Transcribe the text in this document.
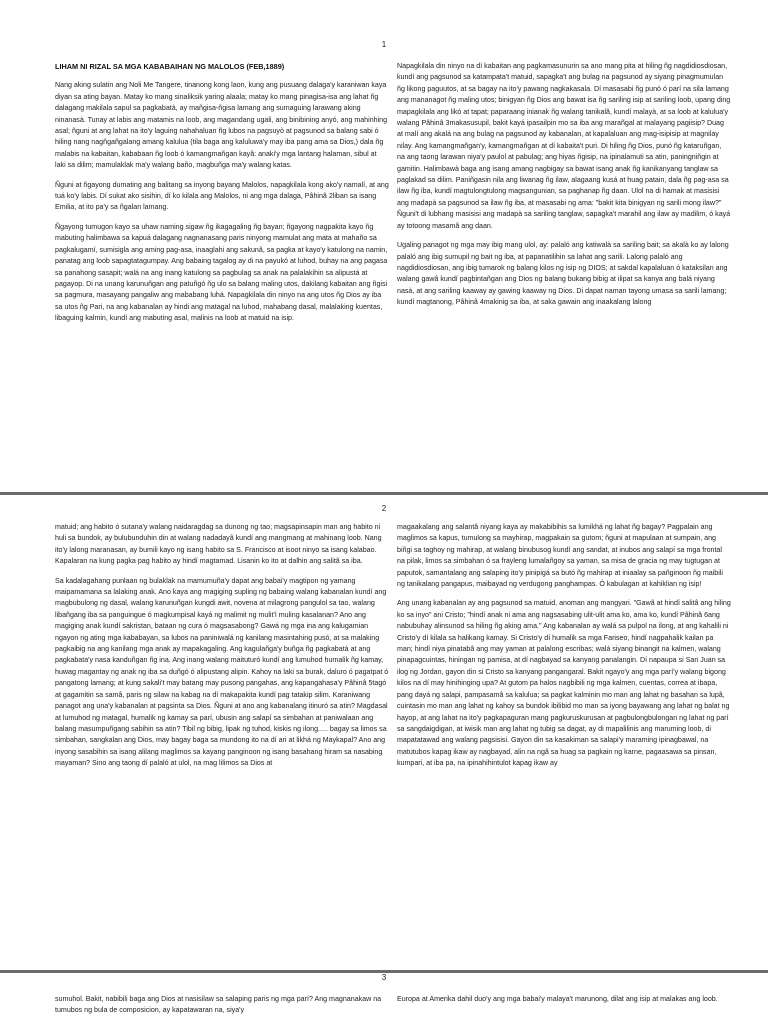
1

LIHAM NI RIZAL SA MGA KABABAIHAN NG MALOLOS (FEB,1889)

Nang aking sulatin ang Noli Me Tangere, tinanong kong laon, kung ang pusuang dalaga'y karaniwan kaya diyan sa ating bayan. Matay ko mang sinaliksik yaring alaala; matay ko mang pinagisa-isa ang lahat ñg dalagang makilala sapul sa pagkabatà, ay mañgisa-ñgisa lamang ang sumaguing larawang aking ninanasà. Tunay at labis ang matamis na loob, ang magandang ugali, ang binibining anyó, ang mahinhing asal; ñguni at ang lahat na ito'y laguing nahahaluan ñg lubos na pagsuyò at pagsunod sa balang sabi ó hiling nang nagñgañgalang amang kalulua (tila baga ang kaluluwa'y may iba pang ama sa Dios,) dala ñg malabis na kabaitan, kababaan ñg loob ó kamangmañgan kayâ: anaki'y mga lantang halaman, sibul at laki sa dilim; mamulaklak ma'y walang baño, magbuñga ma'y walang katas.

Ñguni at ñgayong dumating ang balitang sa inyong bayang Malolos, napagkilala kong ako'y namalí, at ang tuá ko'y labis. Dí sukat ako sisihin, dí ko kilala ang Malolos, ni ang mga dalaga, Pâhinâ 2liban sa isang Emilia, at ito pa'y sa ñgalan lamang.

Ñgayong tumugon kayo sa uhaw naming sigaw ñg ikagagaling ñg bayan; ñgayong nagpakita kayo ñg mabuting halimbawa sa kapuá dalagang nagnanasang paris ninyong mamulat ang mata at mahaño sa pagkalugamí, sumisigla ang aming pag-asa, inaaglahi ang sakunâ, sa pagka at kayo'y katulong na namin, panatag ang loob sapagtatagumpay. Ang babaing tagalog ay di na payukó at luhod, buhay na ang pagasa sa panahong sasapit; walá na ang inang katulong sa pagbulag sa anak na palalakihin sa alipustá at pagayop. Di na unang karunuñgan ang patuñgó ñg ulo sa balang maling utos, dakilang kabaitan ang ñgisi sa pagmura, masayang pangaliw ang mababang luhá. Napagkilala din ninyo na ang utos ñg Dios ay iba sa utos ñg Pari, na ang kabanalan ay hindi ang matagal na luhod, mahabang dasal, malalaking kuentas, libaguing kalmin, kundí ang mabuting asal, malinis na loob at matuid na isip.

Napagkilala din ninyo na dí kabaitan ang pagkamasunurin sa ano mang pita at hiling ñg nagdidiosdiosan, kundí ang pagsunod sa katampata't matuid, sapagka't ang bulag na pagsunod ay siyang pinagmumulan ñg likong paguutos, at sa bagay na ito'y pawang nagkakasala. Dí masasabi ñg punó ó parí na sila lamang ang mananagot ñg maling utos; binigyan ñg Dios ang bawat isa ñg sariling isip at sariling loob, upang ding mapagkilala ang likó at tapat; paparaang inianak ñg walang tanikalâ, kundí malayà, at sa loob at kalulua'y walang Pâhinâ 3makasusupil, bakit kayá ipasailpin mo sa iba ang marañgal at malayang pagiisip? Duag at malí ang akalá na ang bulag na pagsunod ay kabanalan, at kapalaluan ang mag-isipisip at magnilay nilay. Ang kamangmañgan'y, kamangmañgan at dí kabaita't puri. Di hiling ñg Dios, punó ñg kataruñgan, na ang taong larawan niya'y paulol at pabulag; ang hiyas ñgisip, na ipinalamuti sa atin, paningniñgin at gamitin. Halimbawà baga ang isang amang nagbigay sa bawat isang anak ñg kanikanyang tanglaw sa paglakad sa dilim. Paniñgasin nila ang liwanag ñg ilaw, alagaang kusá at huag patain, dala ñg pag-asa sa ilaw ñg iba, kundí magtulongtulong magsangunian, sa paghanap ñg daan. Ulol na di hamak at masisisi ang madapà sa pagsunod sa ilaw ñg iba, at masasabi ng ama: "bakit kita binigyan ng sarili mong ilaw?" Ñguni't di lubhang masisisi ang madapà sa sariling tanglaw, sapagka't marahil ang ilaw ay madilim, ó kayá ay totoong masamâ ang daan.

Ugaling panagot ng mga may ibig mang ulol, ay: palaló ang katiwalà sa sariling bait; sa akalà ko ay lalong palaló ang ibig sumupil ng bait ng iba, at papanatilihin sa lahat ang sarili. Lalong palaló ang nagdidiosdiosan, ang ibig tumarok ng balang kilos ng isip ng DIOS; at sakdal kapalaluan ó kataksilan ang walang gawâ kundí pagbintañgan ang Dios ng balang bukang bibig at ilipat sa kanya ang balá niyang nasà, at ang sariling kaaway ay gawing kaaway ng Dios. Di dapat naman tayong umasa sa sarili lamang; kundí magtanong, Pâhinâ 4makinig sa iba, at saka gawain ang inaakalang lalong

2

matuid; ang habito ó sutana'y walang naidaragdag sa dunong ng tao; magsapinsapin man ang habito ni huli sa bundok, ay bulubunduhin din at walang nadadayâ kundí ang mangmang at mahinang loob. Nang ito'y lalong maranasan, ay bumili kayo ng isang habito sa S. Francisco at isoot ninyo sa isang kalabao. Kapalaran na kung pagka pag habito ay hindí magtamad. Lisanin ko ito at dalhin ang salitâ sa iba.

Sa kadalagahang punlaan ng bulaklak na mamumuña'y dapat ang babai'y magtipon ng yamang maipamamana sa lalaking anak. Ano kaya ang magiging supling ng babaing walang kabanalan kundí ang magbubulong ng dasal, walang karunuñgan kungdi awit, novena at milagrong pangulol sa tao, walang libañgang iba sa panguingue ó magkumpisal kayá ng malimit ng mulit'ì muling kasalanan? Ano ang magiging anak kundí sakristan, bataan ng cura ó magsasabong? Gawá ng mga ina ang kalugamian ngayon ng ating mga kababayan, sa lubos na paniniwalá ng kanilang masintahing pusó, at sa malaking pagkaibig na ang kanilang mga anak ay mapakagaling. Ang kagulañga'y buñga ñg pagkabatà at ang pagkabata'y nasa kanduñgan ñg ina. Ang inang walang maituturó kundí ang lumuhod humalik ñg kamay, huwag magantay ng anak ng iba sa duñgó ó alipustang alipin. Kahoy na laki sa burak, daluro ó pagatpat ó pangatong lamang; at kung sakali't may batang may pusong pangahas, ang kapangahasa'y Pâhinâ 5tagó at gagamitin sa samâ, paris ng silaw na kabag na dí makapakita kundí pag tatakip silim. Karaniwang panagot ang una'y kabanalan at pagsinta sa Dios. Ñguni at ano ang kabanalang itinuró sa atin? Magdasal at lumuhod ng matagal, humalik ng kamay sa parí, ubusin ang salapí sa simbahan at paniwalaan ang balang masumpuñgang sabihin sa atin? Tibil ng bibig, lipak ng tuhod, kiskis ng ilong..... bagay sa limos sa simbahan, sangkalan ang Dios, may bagay baga sa mundong ito na dí ari at likhá ng Maykapal? Ano ang inyong sasabihin sa isang alilang maglimos sa kayang panginoon ng isang basahang hiram sa nasabing mayaman? Sino ang taong dí palaló at ulol, na mag lilimos sa Dios at

magaakalang ang salantâ niyang kaya ay makabibihis sa lumikhá ng lahat ñg bagay? Pagpalain ang maglimos sa kapus, tumulong sa mayhirap, magpakain sa gutom; ñguni at mapulaan at sumpain, ang biñgi sa taghoy ng mahirap, at walang binubusog kundí ang sandat, at inubos ang salapí sa mga frontal na pilak, limos sa simbahan ó sa frayleng lumalañgoy sa yaman, sa misa de gracia ng may tugtugan at paputok, samantalang ang salaping ito'y pinipigá sa butó ñg mahirap at iniaalay sa pañginoon ñg maibili ng tanikalang pangapus, maibayad ng verdugong panghampas. Ó kabulagan at kahiklian ng isip!

Ang unang kabanalan ay ang pagsunod sa matuid, anoman ang mangyari. "Gawâ at hindí salitâ ang hiling ko sa inyo" ani Cristo; "hindí anak ni ama ang nagsasabing ulit-ulit ama ko, ama ko, kundí Pâhinâ 6ang nabubuhay alinsunod sa hiling ñg aking ama." Ang kabanalan ay walá sa pulpol na ilong, at ang kahalili ni Cristo'y dí kilala sa halikang kamay. Si Cristo'y dí humalik sa mga Fariseo, hindí nagpahalik kailan pa man; hindí niya pinatabâ ang may yaman at palalong escribas; walá siyang binangit na kalmen, walang pinapagcuintas, hiningan ng pamisa, at dí nagbayad sa kanyang panalangin. Dí napaupa si San Juan sa ilog ng Jordan, gayon din si Cristo sa kanyang pangangaral. Bakit ngayo'y ang mga parí'y walang bigong kilos na dí may hinihinging upa? At gutom pa halos nagbibili ng mga kalmen, cuentas, correa at ibapa, pang dayá ng salapi, pampasamâ sa kalulua; sa pagkat kalminin mo man ang lahat ng basahan sa lupâ, cuintasin mo man ang lahat ng kahoy sa bundok ibilibid mo man sa iyong bayawang ang lahat ng balat ng hayop, at ang lahat na ito'y pagkapaguran mang pagkuruskurusan at pagbulongbulongan ng lahat ng parí sa sangdaigdigan, at iwisik man ang lahat ng tubig sa dagat, ay di mapalilinis ang maruming loob, di mapatatawad ang walang pagsisisi. Gayon din sa kasakiman sa salapi'y maraming ipinagbawal, na matutubos kapag ikaw ay nagbayad, alin na ngâ sa huag sa pagkain ng karne, pagaasawa sa pinsan, kumpari, at iba pa, na ipinahihintulot kapag ikaw ay

3

sumuhol. Bakit, nabibili baga ang Dios at nasisilaw sa salaping paris ng mga parí? Ang magnanakaw na tumubos ng bula de composicion, ay kapatawaran na, siya'y

Europa at Amerika dahil duo'y ang mga babai'y malaya't marunong, dilat ang isip at malakas ang loob.
